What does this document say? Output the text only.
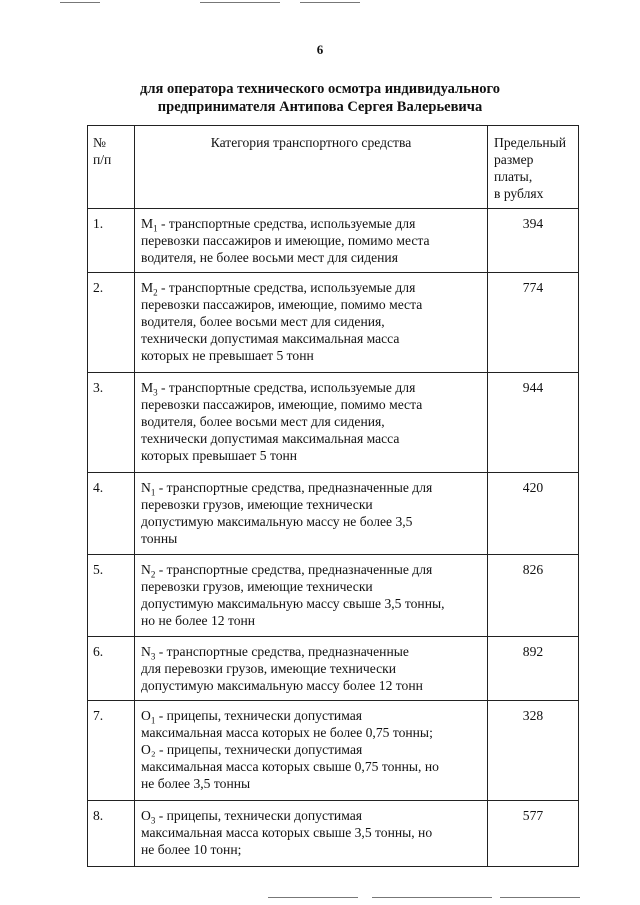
6
для оператора технического осмотра индивидуального
предпринимателя Антипова Сергея Валерьевича
№
п/п	Категория транспортного средства	Предельный
размер платы,
в рублях

1.	$M_1$ - транспортные средства, используемые для
перевозки пассажиров и имеющие, помимо места
водителя, не более восьми мест для сидения	394
2.	$M_2$ - транспортные средства, используемые для
перевозки пассажиров, имеющие, помимо места
водителя, более восьми мест для сидения,
технически допустимая максимальная масса
которых не превышает 5 тонн	774
3.	$M_3$ - транспортные средства, используемые для
перевозки пассажиров, имеющие, помимо места
водителя, более восьми мест для сидения,
технически допустимая максимальная масса
которых превышает 5 тонн	944
4.	$N_1$ - транспортные средства, предназначенные для
перевозки грузов, имеющие технически
допустимую максимальную массу не более 3,5
тонны	420
5.	$N_2$ - транспортные средства, предназначенные для
перевозки грузов, имеющие технически
допустимую максимальную массу свыше 3,5 тонны,
но не более 12 тонн	826
6.	$N_3$ - транспортные средства, предназначенные
для перевозки грузов, имеющие технически
допустимую максимальную массу более 12 тонн	892
7.	$O_1$ - прицепы, технически допустимая
максимальная масса которых не более 0,75 тонны;
O₂ - прицепы, технически допустимая
максимальная масса которых свыше 0,75 тонны, но
не более 3,5 тонны	328
8.	$O_3$ - прицепы, технически допустимая
максимальная масса которых свыше 3,5 тонны, но
не более 10 тонн;	577
